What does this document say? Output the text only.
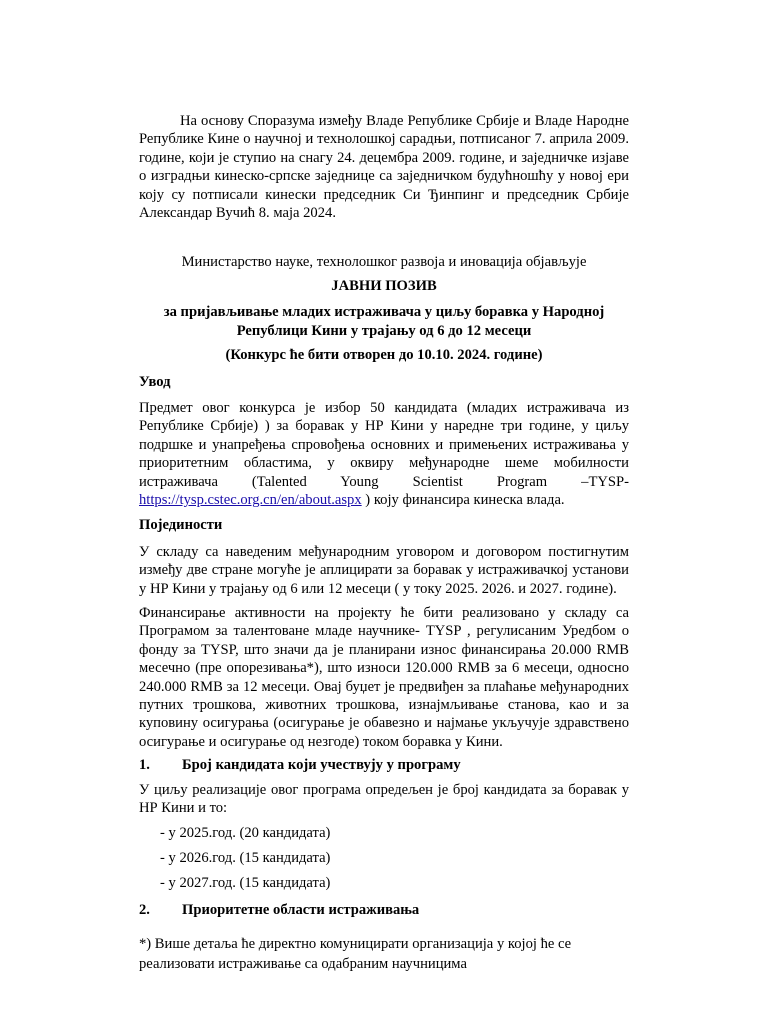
На основу Споразума између Владе Републике Србије и Владе Народне Републике Кине о научној и технолошкој сарадњи, потписаног 7. априла 2009. године, који је ступио на снагу 24. децембра 2009. године, и заједничке изјаве о изградњи кинеско-српске заједнице са заједничком будућношћу у новој ери коју су потписали кинески председник Си Ђинпинг и председник Србије Александар Вучић 8. маја 2024.

Министарство науке, технолошког развоја и иновација објављује

ЈАВНИ ПОЗИВ

за пријављивање младих истраживача у циљу боравка у Народној
Републици Кини у трајању од 6 до 12 месеци

(Конкурс ће бити отворен до 10.10. 2024. године)

Увод

Предмет овог конкурса је избор 50 кандидата (младих истраживача из Републике Србије) ) за боравак у НР Кини у наредне три године, у циљу подршке и унапређења спровођења основних и примењених истраживања у приоритетним областима, у оквиру међународне шеме мобилности истраживача (Talented Young Scientist Program –TYSP- https://tysp.cstec.org.cn/en/about.aspx ) коју финансира кинеска влада.

Појединости

У складу са наведеним међународним уговором и договором постигнутим између две стране могуће је аплицирати за боравак у истраживачкој установи у НР Кини у трајању од 6 или 12 месеци ( у току 2025. 2026. и 2027. године).

Финансирање активности на пројектy ће бити реализовано у складу са Програмом за талентоване младе научнике- TYSP , регулисаним Уредбом о фонду за TYSP, што значи да је планирани износ финансирања 20.000 RMB месечно (пре опорезивања*), што износи 120.000 RMB за 6 месеци, односно 240.000 RMB за 12 месеци. Овај буџет је предвиђен за плаћање међународних путних трошкова, животних трошкова, изнајмљивање станова, као и за куповину осигурања (осигурање је обавезно и најмање укључује здравствено осигурање и осигурање од незгоде) током боравка у Кини.

1. Број кандидата који учествују у програму

У циљу реализације овог програма опредељен је број кандидата за боравак у НР Кини и то:

- у 2025.год. (20 кандидата)

- у 2026.год. (15 кандидата)

- у 2027.год. (15 кандидата)

2. Приоритетне области истраживања

*) Више детаља ће директно комуницирати организација у којој ће се
реализовати истраживање са одабраним научницима
